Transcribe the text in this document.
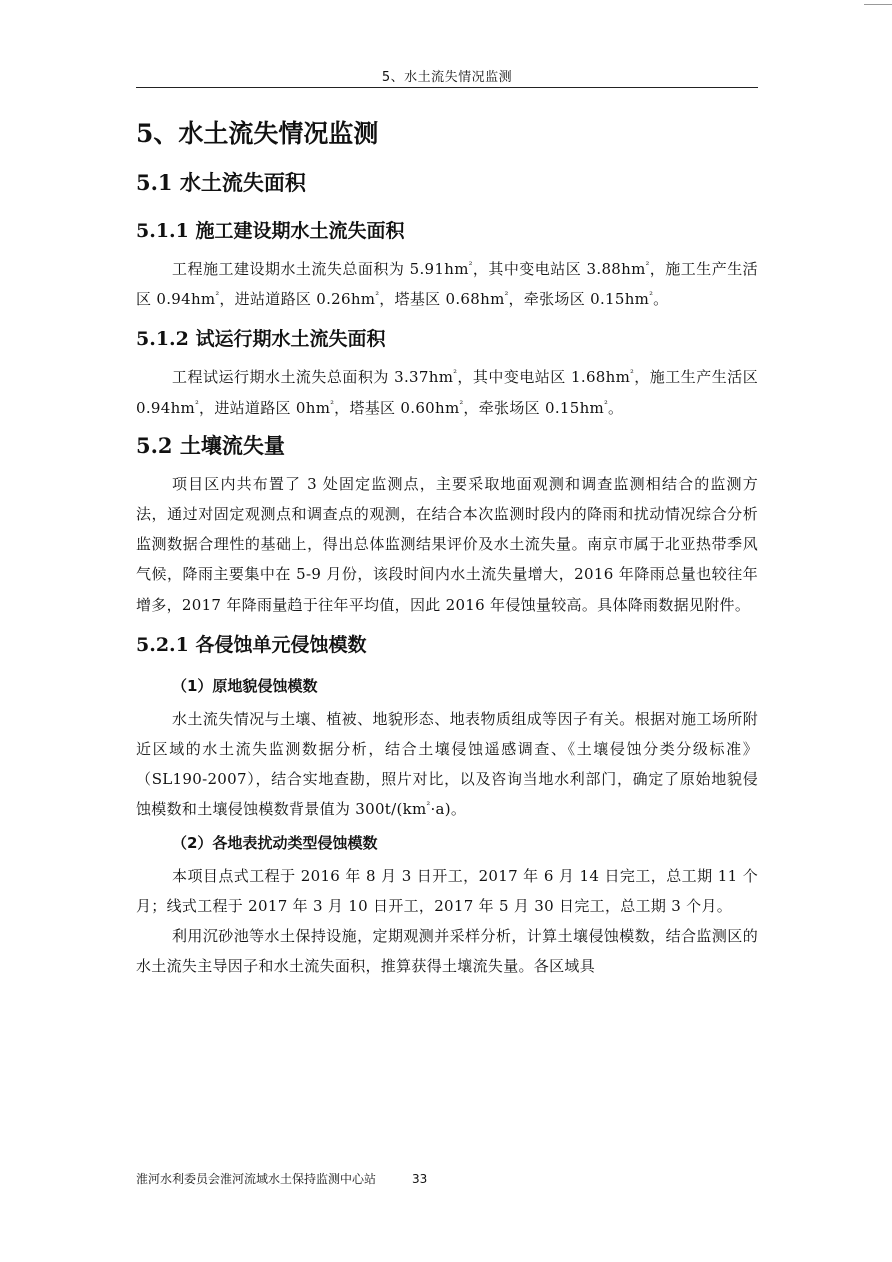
5、水土流失情况监测
5、水土流失情况监测
5.1 水土流失面积
5.1.1 施工建设期水土流失面积

工程施工建设期水土流失总面积为 $5.91hm^{^2}$，其中变电站区 $3.88hm^{^2}$，施工生产生活区 $0.94hm^{^2}$，进站道路区 $0.26hm^{^2}$，塔基区 $0.68hm^{^2}$，牵张场区 $0.15hm^{^2}$。

5.1.2 试运行期水土流失面积

工程试运行期水土流失总面积为 $3.37hm^{^2}$，其中变电站区 $1.68hm^{^2}$，施工生产生活区 $0.94hm^{^2}$，进站道路区 $0hm^{^2}$，塔基区 $0.60hm^{^2}$，牵张场区 $0.15hm^{^2}$。

5.2 土壤流失量

项目区内共布置了 3 处固定监测点，主要采取地面观测和调查监测相结合的监测方法，通过对固定观测点和调查点的观测，在结合本次监测时段内的降雨和扰动情况综合分析监测数据合理性的基础上，得出总体监测结果评价及水土流失量。南京市属于北亚热带季风气候，降雨主要集中在 5-9 月份，该段时间内水土流失量增大，2016 年降雨总量也较往年增多，2017 年降雨量趋于往年平均值，因此 2016 年侵蚀量较高。具体降雨数据见附件。

5.2.1 各侵蚀单元侵蚀模数
（1）原地貌侵蚀模数

水土流失情况与土壤、植被、地貌形态、地表物质组成等因子有关。根据对施工场所附近区域的水土流失监测数据分析，结合土壤侵蚀遥感调查、《土壤侵蚀分类分级标准》（SL190-2007），结合实地查勘，照片对比，以及咨询当地水利部门，确定了原始地貌侵蚀模数和土壤侵蚀模数背景值为 $300t/(km^{^2}\cdot a)$。

（2）各地表扰动类型侵蚀模数

本项目点式工程于 2016 年 8 月 3 日开工，2017 年 6 月 14 日完工，总工期 11 个月；线式工程于 2017 年 3 月 10 日开工，2017 年 5 月 30 日完工，总工期 3 个月。

利用沉砂池等水土保持设施，定期观测并采样分析，计算土壤侵蚀模数，结合监测区的水土流失主导因子和水土流失面积，推算获得土壤流失量。各区域具

淮河水利委员会淮河流域水土保持监测中心站	33
